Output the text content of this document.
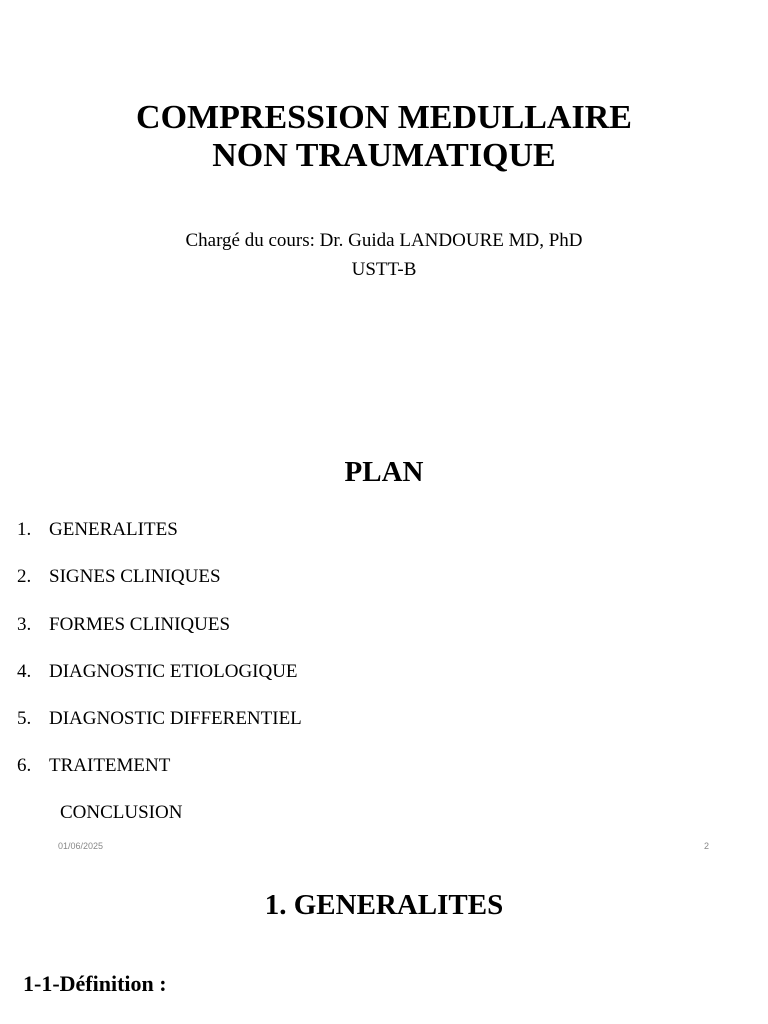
COMPRESSION MEDULLAIRE
NON TRAUMATIQUE
Chargé du cours: Dr. Guida LANDOURE MD, PhD
USTT-B
PLAN
1. GENERALITES
2. SIGNES CLINIQUES
3. FORMES CLINIQUES
4. DIAGNOSTIC ETIOLOGIQUE
5. DIAGNOSTIC DIFFERENTIEL
6. TRAITEMENT
CONCLUSION
01/06/2025	2
1. GENERALITES
1-1-Définition :
